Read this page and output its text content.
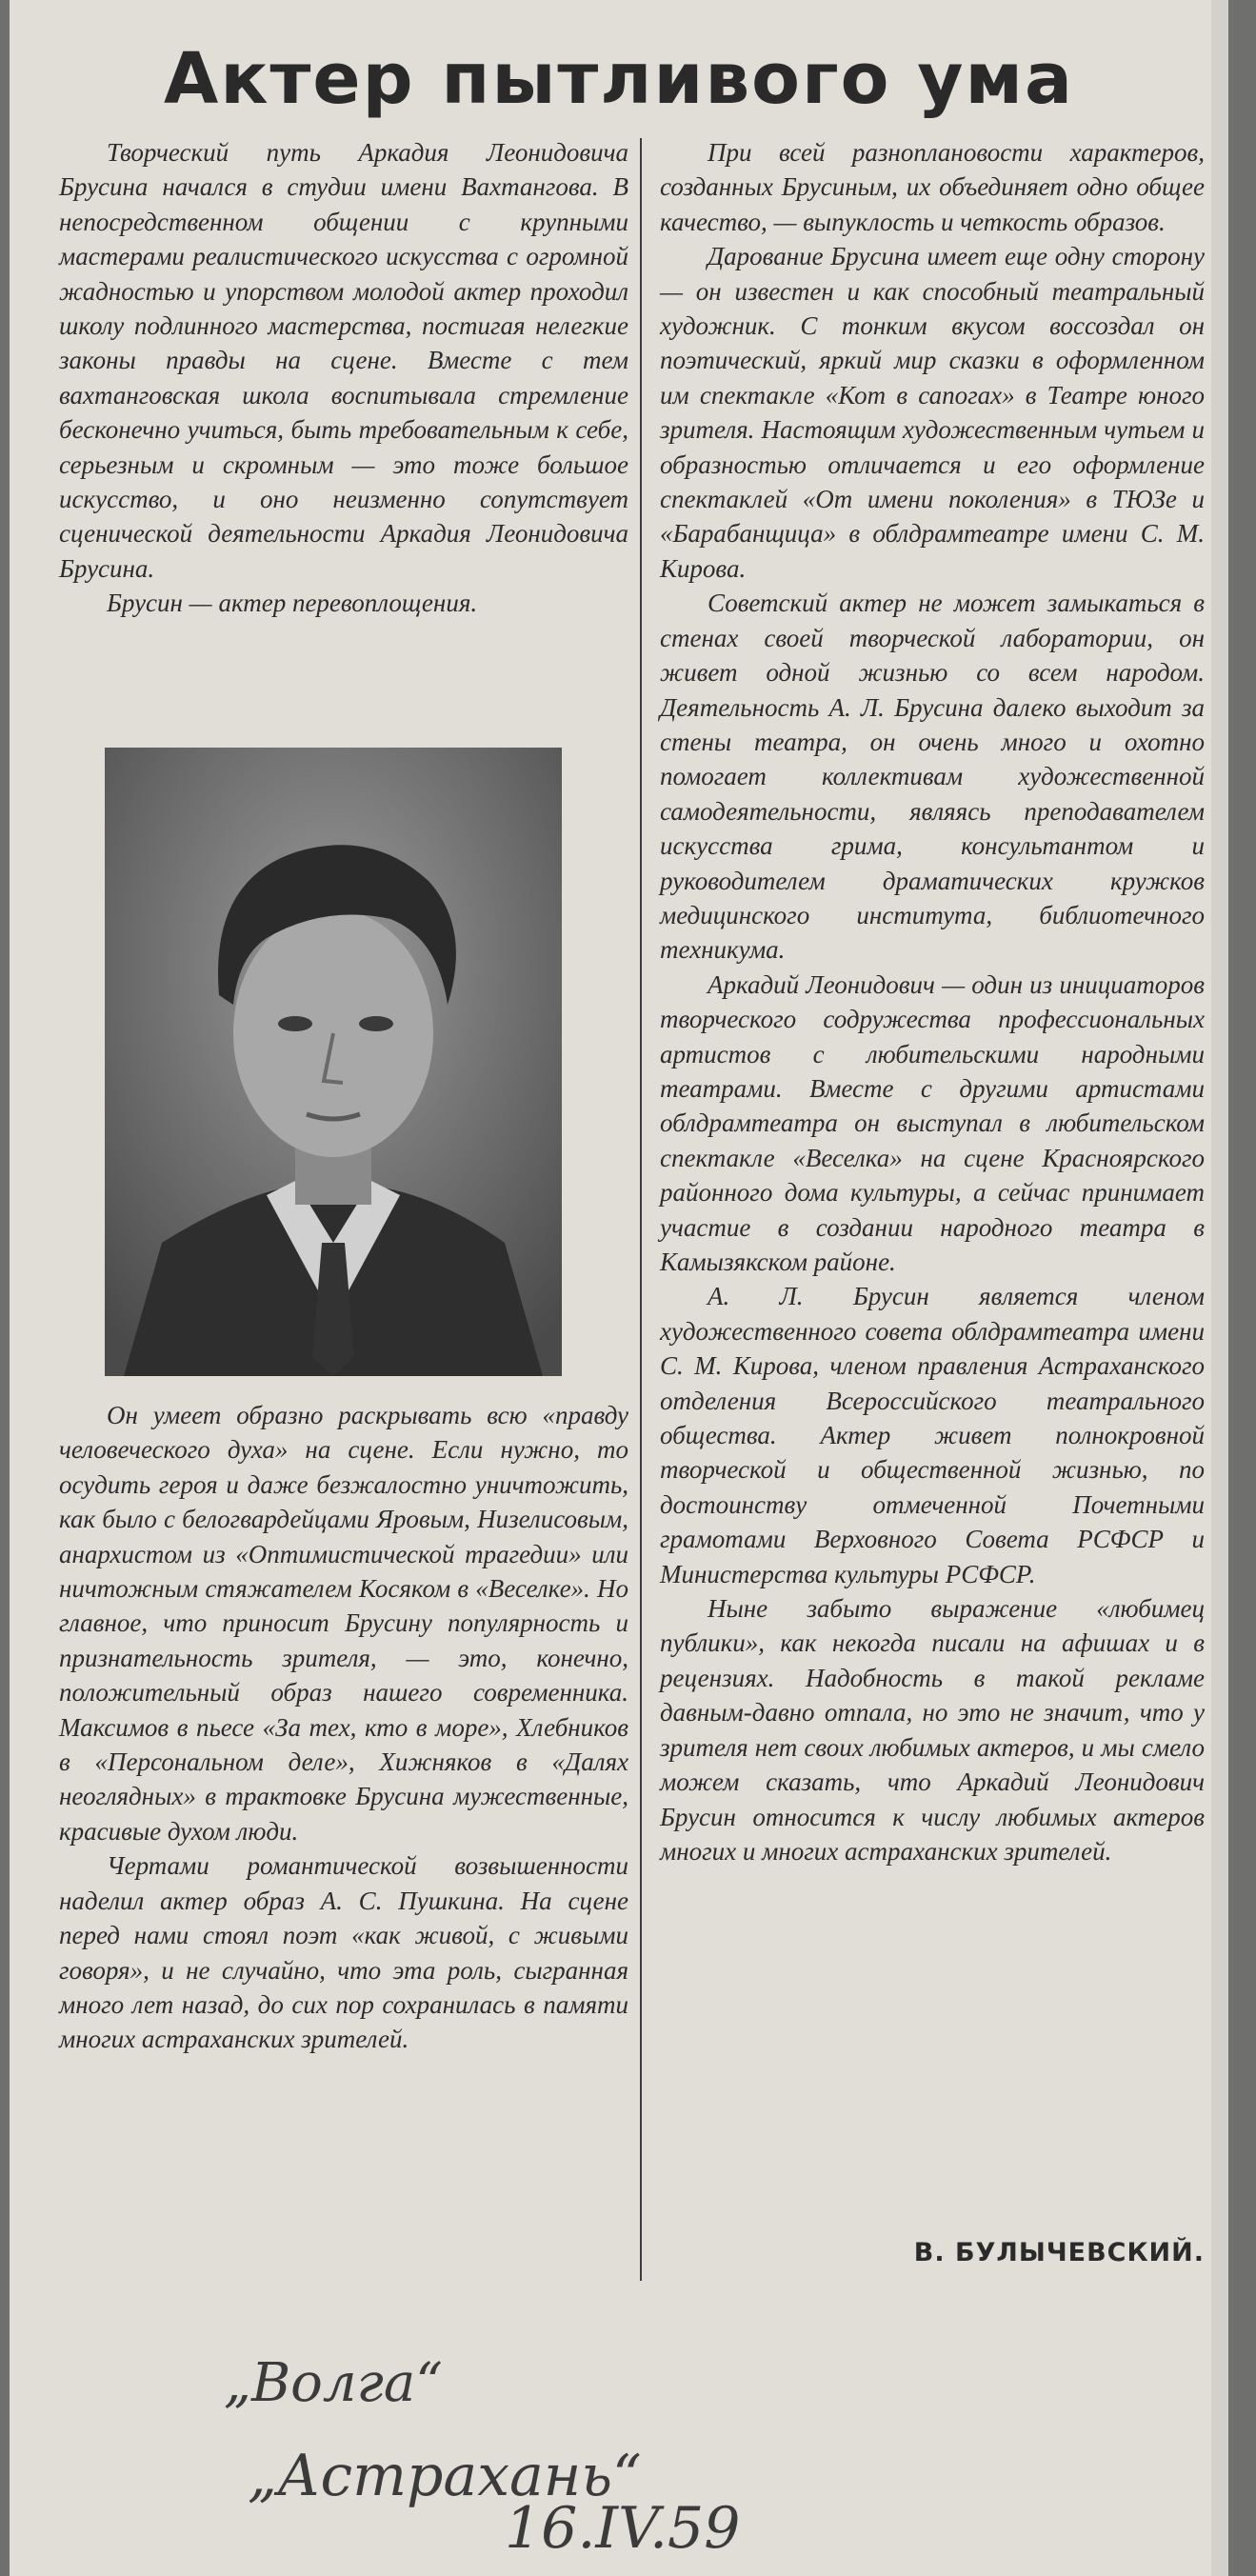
Актер пытливого ума

Творческий путь Аркадия Леонидовича Брусина начался в студии имени Вахтангова. В непосредственном общении с крупными мастерами реалистического искусства с огромной жадностью и упорством молодой актер проходил школу подлинного мастерства, постигая нелегкие законы правды на сцене. Вместе с тем вахтанговская школа воспитывала стремление бесконечно учиться, быть требовательным к себе, серьезным и скромным — это тоже большое искусство, и оно неизменно сопутствует сценической деятельности Аркадия Леонидовича Брусина.

Брусин — актер перевоплощения.

Он умеет образно раскрывать всю «правду человеческого духа» на сцене. Если нужно, то осудить героя и даже безжалостно уничтожить, как было с белогвардейцами Яровым, Низелисовым, анархистом из «Оптимистической трагедии» или ничтожным стяжателем Косяком в «Веселке». Но главное, что приносит Брусину популярность и признательность зрителя, — это, конечно, положительный образ нашего современника. Максимов в пьесе «За тех, кто в море», Хлебников в «Персональном деле», Хижняков в «Далях неоглядных» в трактовке Брусина мужественные, красивые духом люди.

Чертами романтической возвышенности наделил актер образ А. С. Пушкина. На сцене перед нами стоял поэт «как живой, с живыми говоря», и не случайно, что эта роль, сыгранная много лет назад, до сих пор сохранилась в памяти многих астраханских зрителей.

При всей разноплановости характеров, созданных Брусиным, их объединяет одно общее качество, — выпуклость и четкость образов.

Дарование Брусина имеет еще одну сторону — он известен и как способный театральный художник. С тонким вкусом воссоздал он поэтический, яркий мир сказки в оформленном им спектакле «Кот в сапогах» в Театре юного зрителя. Настоящим художественным чутьем и образностью отличается и его оформление спектаклей «От имени поколения» в ТЮЗе и «Барабанщица» в облдрамтеатре имени С. М. Кирова.

Советский актер не может замыкаться в стенах своей творческой лаборатории, он живет одной жизнью со всем народом. Деятельность А. Л. Брусина далеко выходит за стены театра, он очень много и охотно помогает коллективам художественной самодеятельности, являясь преподавателем искусства грима, консультантом и руководителем драматических кружков медицинского института, библиотечного техникума.

Аркадий Леонидович — один из инициаторов творческого содружества профессиональных артистов с любительскими народными театрами. Вместе с другими артистами облдрамтеатра он выступал в любительском спектакле «Веселка» на сцене Красноярского районного дома культуры, а сейчас принимает участие в создании народного театра в Камызякском районе.

А. Л. Брусин является членом художественного совета облдрамтеатра имени С. М. Кирова, членом правления Астраханского отделения Всероссийского театрального общества. Актер живет полнокровной творческой и общественной жизнью, по достоинству отмеченной Почетными грамотами Верховного Совета РСФСР и Министерства культуры РСФСР.

Ныне забыто выражение «любимец публики», как некогда писали на афишах и в рецензиях. Надобность в такой рекламе давным-давно отпала, но это не значит, что у зрителя нет своих любимых актеров, и мы смело можем сказать, что Аркадий Леонидович Брусин относится к числу любимых актеров многих и многих астраханских зрителей.

В. БУЛЫЧЕВСКИЙ.
„Волга“
„Астрахань“
16.IV.59
